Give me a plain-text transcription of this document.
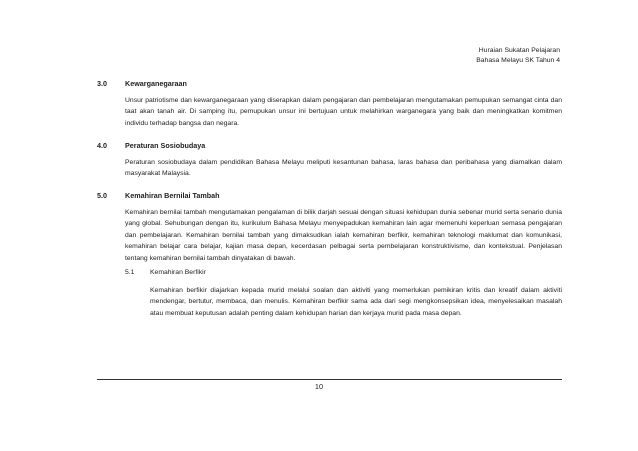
Huraian Sukatan Pelajaran
Bahasa Melayu SK Tahun 4
3.0	Kewarganegaraan

Unsur patriotisme dan kewarganegaraan yang diserapkan dalam pengajaran dan pembelajaran mengutamakan pemupukan semangat cinta dan taat akan tanah air. Di samping itu, pemupukan unsur ini bertujuan untuk melahirkan warganegara yang baik dan meningkatkan komitmen individu terhadap bangsa dan negara.

4.0	Peraturan Sosiobudaya

Peraturan sosiobudaya dalam pendidikan Bahasa Melayu meliputi kesantunan bahasa, laras bahasa dan peribahasa yang diamalkan dalam masyarakat Malaysia.

5.0	Kemahiran Bernilai Tambah

Kemahiran bernilai tambah mengutamakan pengalaman di bilik darjah sesuai dengan situasi kehidupan dunia sebenar murid serta senario dunia yang global. Sehubungan dengan itu, kurikulum Bahasa Melayu menyepadukan kemahiran lain agar memenuhi keperluan semasa pengajaran dan pembelajaran. Kemahiran bernilai tambah yang dimaksudkan ialah kemahiran berfikir, kemahiran teknologi maklumat dan komunikasi, kemahiran belajar cara belajar, kajian masa depan, kecerdasan pelbagai serta pembelajaran konstruktivisme, dan kontekstual. Penjelasan tentang kemahiran bernilai tambah dinyatakan di bawah.

5.1 Kemahiran Berfikir

Kemahiran berfikir diajarkan kepada murid melalui soalan dan aktiviti yang memerlukan pemikiran kritis dan kreatif dalam aktiviti mendengar, bertutur, membaca, dan menulis. Kemahiran berfikir sama ada dari segi mengkonsepsikan idea, menyelesaikan masalah atau membuat keputusan adalah penting dalam kehidupan harian dan kerjaya murid pada masa depan.

10
